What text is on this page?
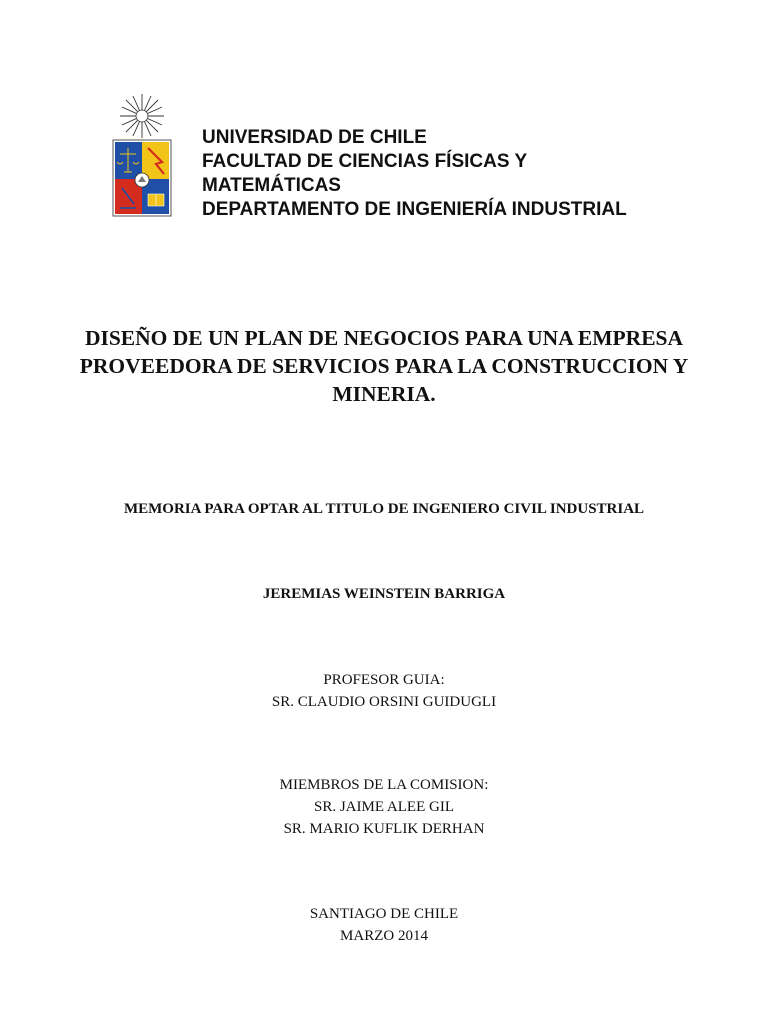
UNIVERSIDAD DE CHILE
FACULTAD DE CIENCIAS FÍSICAS Y
MATEMÁTICAS
DEPARTAMENTO DE INGENIERÍA INDUSTRIAL
DISEÑO DE UN PLAN DE NEGOCIOS PARA UNA EMPRESA
PROVEEDORA DE SERVICIOS PARA LA CONSTRUCCION Y
MINERIA.
MEMORIA PARA OPTAR AL TITULO DE INGENIERO CIVIL INDUSTRIAL
JEREMIAS WEINSTEIN BARRIGA
PROFESOR GUIA:
SR. CLAUDIO ORSINI GUIDUGLI
MIEMBROS DE LA COMISION:
SR. JAIME ALEE GIL
SR. MARIO KUFLIK DERHAN
SANTIAGO DE CHILE
MARZO 2014
